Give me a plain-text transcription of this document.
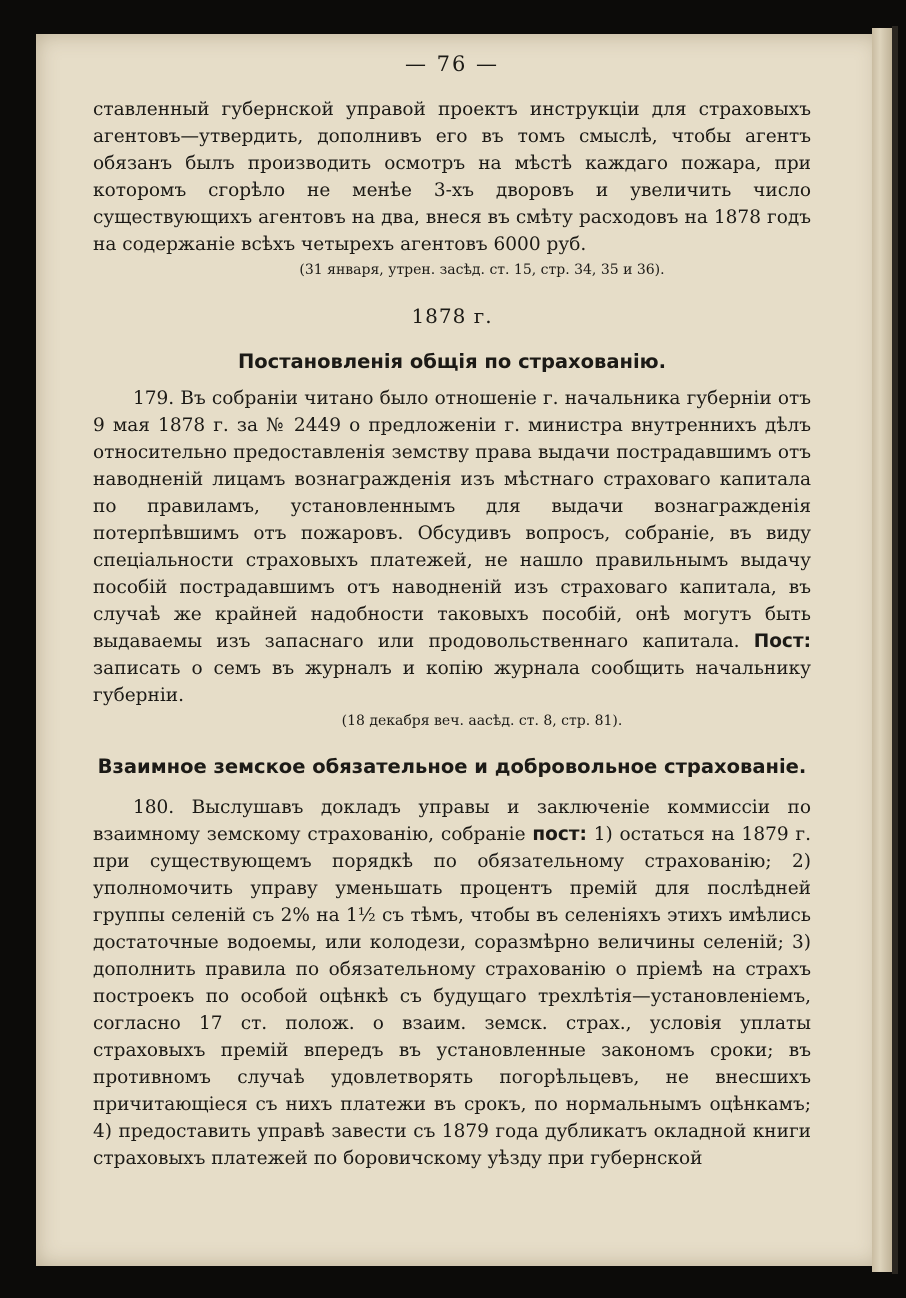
— 76 —

ставленный губернской управой проектъ инструкціи для страховыхъ агентовъ—утвердить, дополнивъ его въ томъ смыслѣ, чтобы агентъ обязанъ былъ производить осмотръ на мѣстѣ каждаго пожара, при которомъ сгорѣло не менѣе 3-хъ дворовъ и увеличить число существующихъ агентовъ на два, внеся въ смѣту расходовъ на 1878 годъ на содержаніе всѣхъ четырехъ агентовъ 6000 руб.

(31 января, утрен. засѣд. ст. 15, стр. 34, 35 и 36).
1878 г.
Постановленія общія по страхованію.

179. Въ собраніи читано было отношеніе г. начальника губерніи отъ 9 мая 1878 г. за № 2449 о предложеніи г. министра внутреннихъ дѣлъ относительно предоставленія земству права выдачи пострадавшимъ отъ наводненій лицамъ вознагражденія изъ мѣстнаго страховаго капитала по правиламъ, установленнымъ для выдачи вознагражденія потерпѣвшимъ отъ пожаровъ. Обсудивъ вопросъ, собраніе, въ виду спеціальности страховыхъ платежей, не нашло правильнымъ выдачу пособій пострадавшимъ отъ наводненій изъ страховаго капитала, въ случаѣ же крайней надобности таковыхъ пособій, онѣ могутъ быть выдаваемы изъ запаснаго или продовольственнаго капитала. Пост: записать о семъ въ журналъ и копію журнала сообщить начальнику губерніи.

(18 декабря веч. аасѣд. ст. 8, стр. 81).
Взаимное земское обязательное и добровольное страхованіе.

180. Выслушавъ докладъ управы и заключеніе коммиссіи по взаимному земскому страхованію, собраніе пост: 1) остаться на 1879 г. при существующемъ порядкѣ по обязательному страхованію; 2) уполномочить управу уменьшать процентъ премій для послѣдней группы селеній съ 2% на 1½ съ тѣмъ, чтобы въ селеніяхъ этихъ имѣлись достаточные водоемы, или колодези, соразмѣрно величины селеній; 3) дополнить правила по обязательному страхованію о пріемѣ на страхъ построекъ по особой оцѣнкѣ съ будущаго трехлѣтія—установленіемъ, согласно 17 ст. полож. о взаим. земск. страх., условія уплаты страховыхъ премій впередъ въ установленные закономъ сроки; въ противномъ случаѣ удовлетворять погорѣльцевъ, не внесшихъ причитающіеся съ нихъ платежи въ срокъ, по нормальнымъ оцѣнкамъ; 4) предоставить управѣ завести съ 1879 года дубликатъ окладной книги страховыхъ платежей по боровичскому уѣзду при губернской
